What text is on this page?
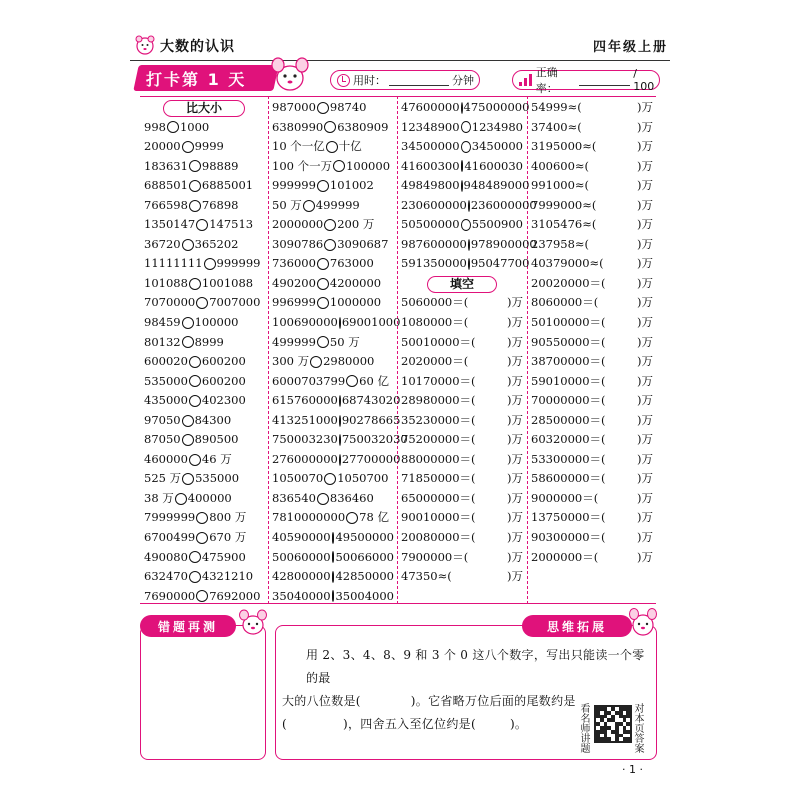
大数的认识	四年级上册
打卡第 1 天	用时：	分钟
正确率：
/ 100
比大小
998 1000
20000 9999
183631 98889
688501 6885001
766598 76898
1350147 147513
36720 365202
11111111 999999
101088 1001088
7070000 7007000
98459 100000
80132 8999
600020 600200
535000 600200
435000 402300
97050 84300
87050 890500
460000 46 万
525 万 535000
38 万 400000
7999999 800 万
6700499 670 万
490080 475900
632470 4321210
7690000 7692000
987000 98740
6380990 6380909
10 个一亿 十亿
100 个一万 100000
999999 101002
50 万 499999
2000000 200 万
3090786 3090687
736000 763000
490200 4200000
996999 1000000
100690000 69001000
499999 50 万
300 万 2980000
6000703799 60 亿
615760000 68743020
413251000 90278665
750003230 750032030
276000000 27700000
1050070 1050700
836540 836460
7810000000 78 亿
40590000 49500000
50060000 50066000
42800000 42850000
35040000 35004000
47600000 475000000
12348900 1234980
34500000 3450000
41600300 41600030
49849800 948489000
230600000 236000000
50500000 5500900
987600000 978900000
591350000 95047700
填空
5060000＝(	)万
1080000＝(	)万
50010000＝(	)万
2020000＝(	)万
10170000＝(	)万
28980000＝(	)万
35230000＝(	)万
75200000＝(	)万
88000000＝(	)万
71850000＝(	)万
65000000＝(	)万
90010000＝(	)万
20080000＝(	)万
7900000＝(	)万
47350≈(	)万
54999≈(	)万
37400≈(	)万
3195000≈(	)万
400600≈(	)万
991000≈(	)万
7999000≈(	)万
3105476≈(	)万
237958≈(	)万
40379000≈(	)万
20020000＝(	)万
8060000＝(	)万
50100000＝(	)万
90550000＝(	)万
38700000＝(	)万
59010000＝(	)万
70000000＝(	)万
28500000＝(	)万
60320000＝(	)万
53300000＝(	)万
58600000＝(	)万
9000000＝(	)万
13750000＝(	)万
90300000＝(	)万
2000000＝(	)万
错题再测	思维拓展
用 2、3、4、8、9 和 3 个 0 这八个数字，写出只能读一个零的最
大的八位数是(	)。它省略万位后面的尾数约是
(	)，四舍五入至亿位约是(	)。	看名师讲题	对本页答案
· 1 ·
